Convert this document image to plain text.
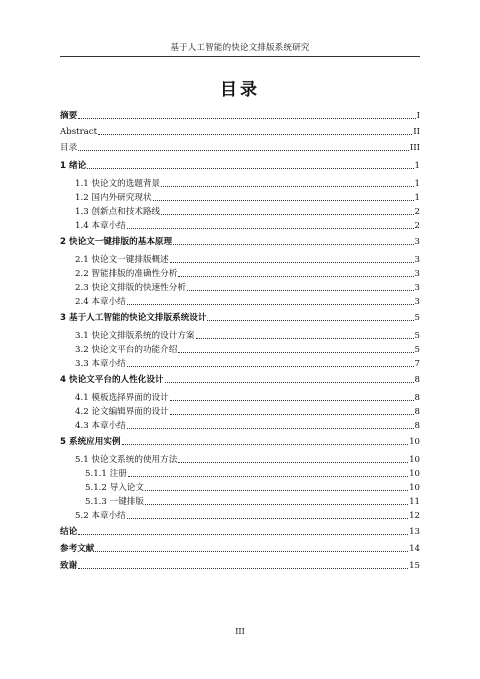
基于人工智能的快论文排版系统研究
目录
摘要	I
Abstract	II
目录	III
1 绪论	1
1.1 快论文的选题背景	1
1.2 国内外研究现状	1
1.3 创新点和技术路线	2
1.4 本章小结	2
2 快论文一键排版的基本原理	3
2.1 快论文一键排版概述	3
2.2 智能排版的准确性分析	3
2.3 快论文排版的快速性分析	3
2.4 本章小结	3
3 基于人工智能的快论文排版系统设计	5
3.1 快论文排版系统的设计方案	5
3.2 快论文平台的功能介绍	5
3.3 本章小结	7
4 快论文平台的人性化设计	8
4.1 模板选择界面的设计	8
4.2 论文编辑界面的设计	8
4.3 本章小结	8
5 系统应用实例	10
5.1 快论文系统的使用方法	10
5.1.1 注册	10
5.1.2 导入论文	10
5.1.3 一键排版	11
5.2 本章小结	12
结论	13
参考文献	14
致谢	15
III
